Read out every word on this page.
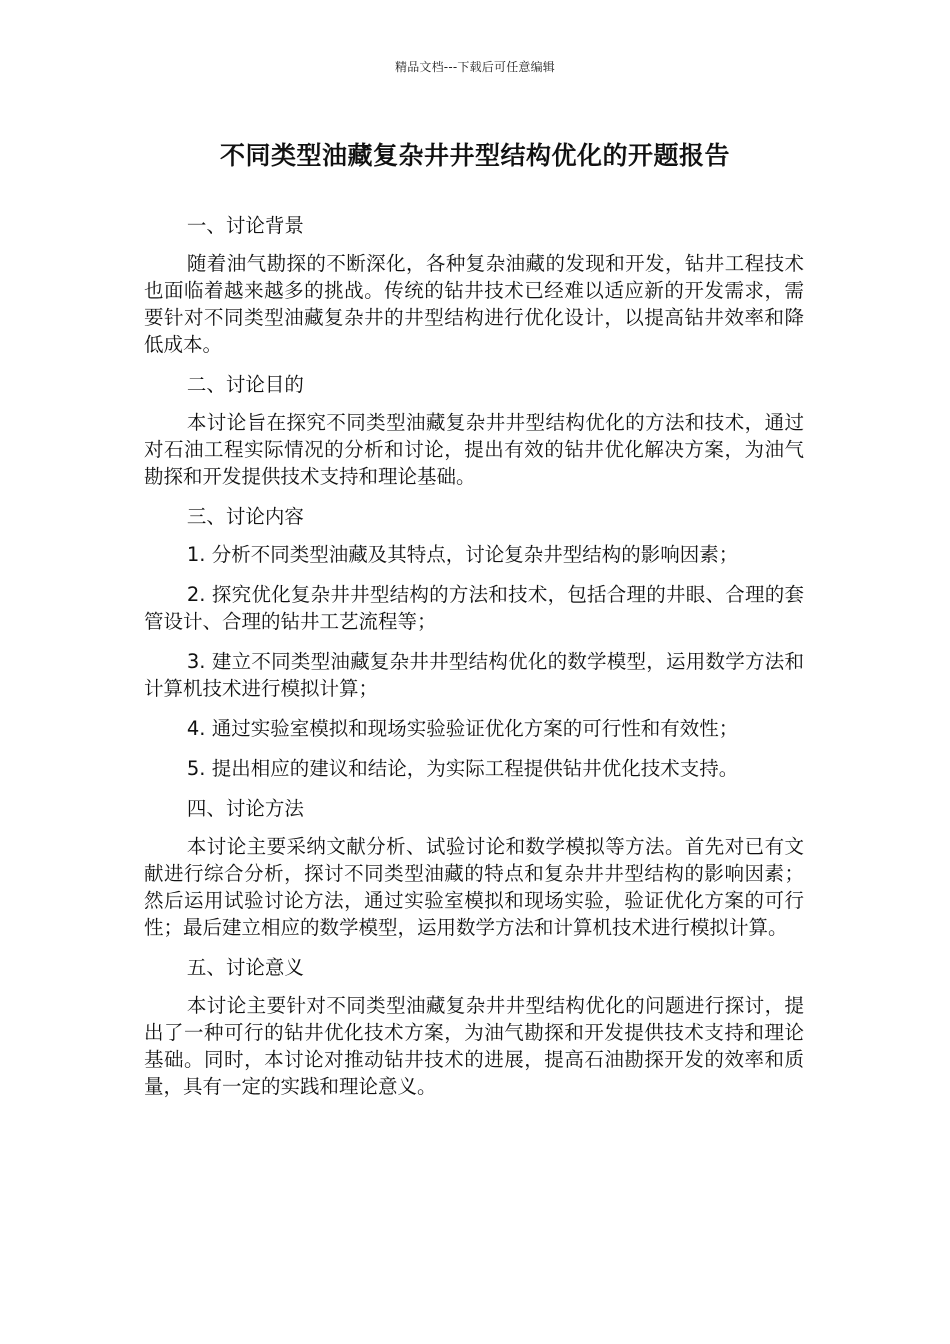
精品文档---下载后可任意编辑
不同类型油藏复杂井井型结构优化的开题报告

一、讨论背景

随着油气勘探的不断深化，各种复杂油藏的发现和开发，钻井工程技术也面临着越来越多的挑战。传统的钻井技术已经难以适应新的开发需求，需要针对不同类型油藏复杂井的井型结构进行优化设计，以提高钻井效率和降低成本。

二、讨论目的

本讨论旨在探究不同类型油藏复杂井井型结构优化的方法和技术，通过对石油工程实际情况的分析和讨论，提出有效的钻井优化解决方案，为油气勘探和开发提供技术支持和理论基础。

三、讨论内容

1. 分析不同类型油藏及其特点，讨论复杂井型结构的影响因素；

2. 探究优化复杂井井型结构的方法和技术，包括合理的井眼、合理的套管设计、合理的钻井工艺流程等；

3. 建立不同类型油藏复杂井井型结构优化的数学模型，运用数学方法和计算机技术进行模拟计算；

4. 通过实验室模拟和现场实验验证优化方案的可行性和有效性；

5. 提出相应的建议和结论，为实际工程提供钻井优化技术支持。

四、讨论方法

本讨论主要采纳文献分析、试验讨论和数学模拟等方法。首先对已有文献进行综合分析，探讨不同类型油藏的特点和复杂井井型结构的影响因素；然后运用试验讨论方法，通过实验室模拟和现场实验，验证优化方案的可行性；最后建立相应的数学模型，运用数学方法和计算机技术进行模拟计算。

五、讨论意义

本讨论主要针对不同类型油藏复杂井井型结构优化的问题进行探讨，提出了一种可行的钻井优化技术方案，为油气勘探和开发提供技术支持和理论基础。同时，本讨论对推动钻井技术的进展，提高石油勘探开发的效率和质量，具有一定的实践和理论意义。
